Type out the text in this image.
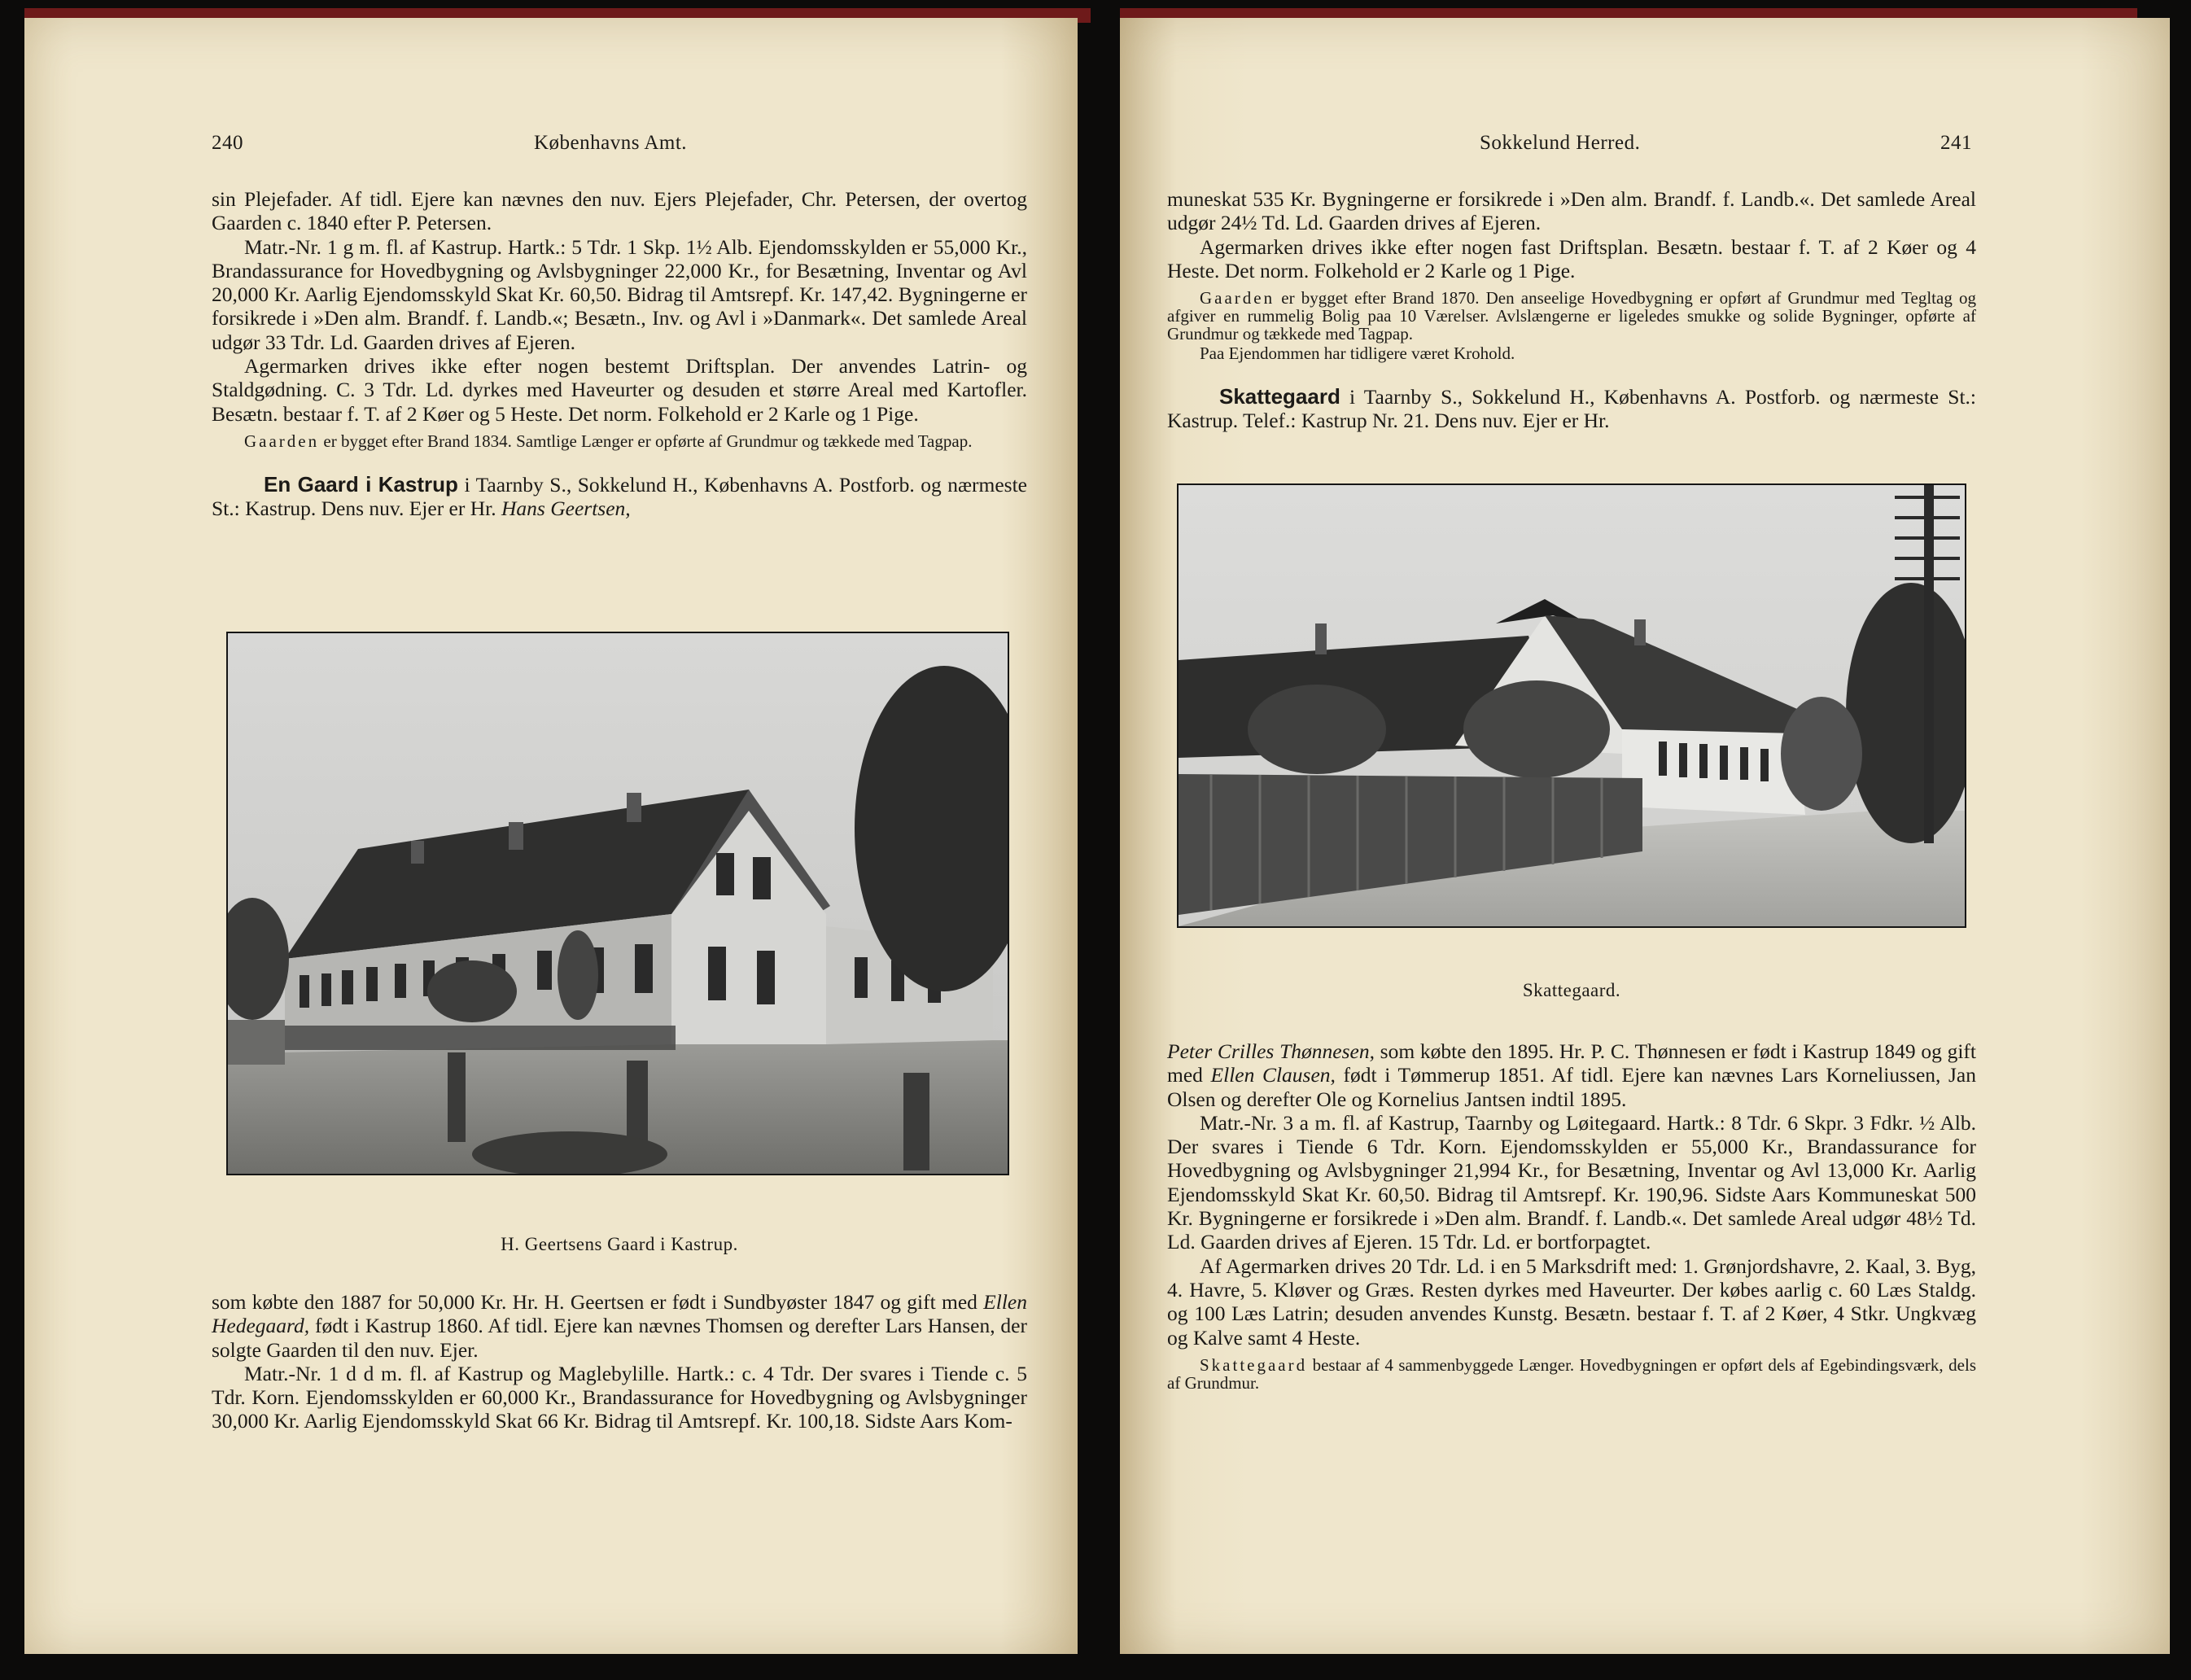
240	Københavns Amt.

sin Plejefader. Af tidl. Ejere kan nævnes den nuv. Ejers Plejefader, Chr. Petersen, der overtog Gaarden c. 1840 efter P. Petersen.

Matr.-Nr. 1 g m. fl. af Kastrup. Hartk.: 5 Tdr. 1 Skp. 1½ Alb. Ejendomsskylden er 55,000 Kr., Brandassurance for Hovedbygning og Avlsbygninger 22,000 Kr., for Besætning, Inventar og Avl 20,000 Kr. Aarlig Ejendomsskyld Skat Kr. 60,50. Bidrag til Amtsrepf. Kr. 147,42. Bygningerne er forsikrede i »Den alm. Brandf. f. Landb.«; Besætn., Inv. og Avl i »Danmark«. Det samlede Areal udgør 33 Tdr. Ld. Gaarden drives af Ejeren.

Agermarken drives ikke efter nogen bestemt Driftsplan. Der anvendes Latrin- og Staldgødning. C. 3 Tdr. Ld. dyrkes med Haveurter og desuden et større Areal med Kartofler. Besætn. bestaar f. T. af 2 Køer og 5 Heste. Det norm. Folkehold er 2 Karle og 1 Pige.

Gaarden er bygget efter Brand 1834. Samtlige Længer er opførte af Grundmur og tækkede med Tagpap.

En Gaard i Kastrup i Taarnby S., Sokkelund H., Københavns A. Postforb. og nærmeste St.: Kastrup. Dens nuv. Ejer er Hr. Hans Geertsen,

H. Geertsens Gaard i Kastrup.

som købte den 1887 for 50,000 Kr. Hr. H. Geertsen er født i Sundbyøster 1847 og gift med Ellen Hedegaard, født i Kastrup 1860. Af tidl. Ejere kan nævnes Thomsen og derefter Lars Hansen, der solgte Gaarden til den nuv. Ejer.

Matr.-Nr. 1 d d m. fl. af Kastrup og Maglebylille. Hartk.: c. 4 Tdr. Der svares i Tiende c. 5 Tdr. Korn. Ejendomsskylden er 60,000 Kr., Brandassurance for Hovedbygning og Avlsbygninger 30,000 Kr. Aarlig Ejendomsskyld Skat 66 Kr. Bidrag til Amtsrepf. Kr. 100,18. Sidste Aars Kom-

Sokkelund Herred.	241

muneskat 535 Kr. Bygningerne er forsikrede i »Den alm. Brandf. f. Landb.«. Det samlede Areal udgør 24½ Td. Ld. Gaarden drives af Ejeren.

Agermarken drives ikke efter nogen fast Driftsplan. Besætn. bestaar f. T. af 2 Køer og 4 Heste. Det norm. Folkehold er 2 Karle og 1 Pige.

Gaarden er bygget efter Brand 1870. Den anseelige Hovedbygning er opført af Grundmur med Tegltag og afgiver en rummelig Bolig paa 10 Værelser. Avlslængerne er ligeledes smukke og solide Bygninger, opførte af Grundmur og tækkede med Tagpap.

Paa Ejendommen har tidligere været Krohold.

Skattegaard i Taarnby S., Sokkelund H., Københavns A. Postforb. og nærmeste St.: Kastrup. Telef.: Kastrup Nr. 21. Dens nuv. Ejer er Hr.

Skattegaard.

Peter Crilles Thønnesen, som købte den 1895. Hr. P. C. Thønnesen er født i Kastrup 1849 og gift med Ellen Clausen, født i Tømmerup 1851. Af tidl. Ejere kan nævnes Lars Korneliussen, Jan Olsen og derefter Ole og Kornelius Jantsen indtil 1895.

Matr.-Nr. 3 a m. fl. af Kastrup, Taarnby og Løitegaard. Hartk.: 8 Tdr. 6 Skpr. 3 Fdkr. ½ Alb. Der svares i Tiende 6 Tdr. Korn. Ejendomsskylden er 55,000 Kr., Brandassurance for Hovedbygning og Avlsbygninger 21,994 Kr., for Besætning, Inventar og Avl 13,000 Kr. Aarlig Ejendomsskyld Skat Kr. 60,50. Bidrag til Amtsrepf. Kr. 190,96. Sidste Aars Kommuneskat 500 Kr. Bygningerne er forsikrede i »Den alm. Brandf. f. Landb.«. Det samlede Areal udgør 48½ Td. Ld. Gaarden drives af Ejeren. 15 Tdr. Ld. er bortforpagtet.

Af Agermarken drives 20 Tdr. Ld. i en 5 Marksdrift med: 1. Grønjordshavre, 2. Kaal, 3. Byg, 4. Havre, 5. Kløver og Græs. Resten dyrkes med Haveurter. Der købes aarlig c. 60 Læs Staldg. og 100 Læs Latrin; desuden anvendes Kunstg. Besætn. bestaar f. T. af 2 Køer, 4 Stkr. Ungkvæg og Kalve samt 4 Heste.

Skattegaard bestaar af 4 sammenbyggede Længer. Hovedbygningen er opført dels af Egebindingsværk, dels af Grundmur.
